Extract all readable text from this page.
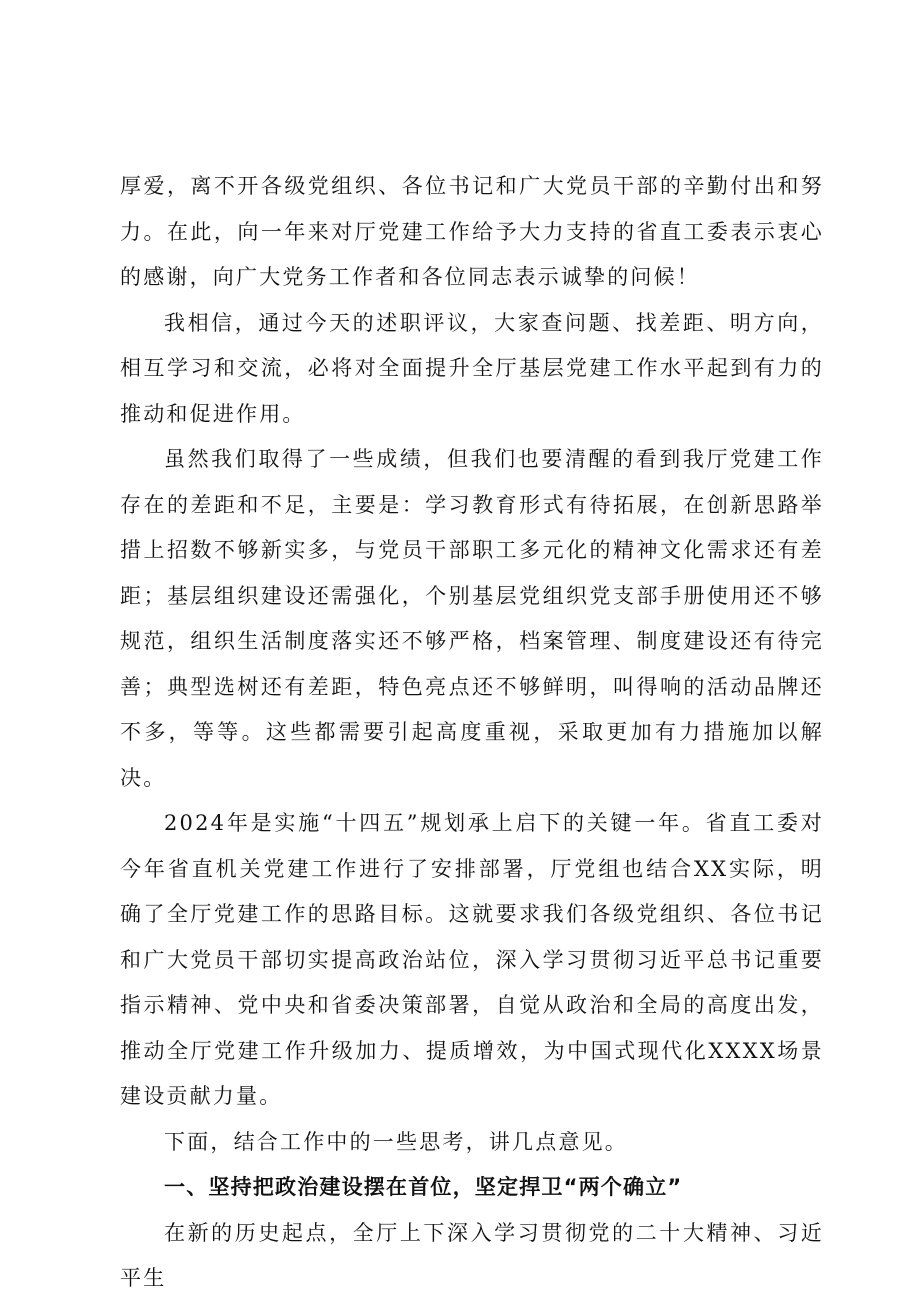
厚爱，离不开各级党组织、各位书记和广大党员干部的辛勤付出和努力。在此，向一年来对厅党建工作给予大力支持的省直工委表示衷心的感谢，向广大党务工作者和各位同志表示诚挚的问候！

我相信，通过今天的述职评议，大家查问题、找差距、明方向，相互学习和交流，必将对全面提升全厅基层党建工作水平起到有力的推动和促进作用。

虽然我们取得了一些成绩，但我们也要清醒的看到我厅党建工作存在的差距和不足，主要是：学习教育形式有待拓展，在创新思路举措上招数不够新实多，与党员干部职工多元化的精神文化需求还有差距；基层组织建设还需强化，个别基层党组织党支部手册使用还不够规范，组织生活制度落实还不够严格，档案管理、制度建设还有待完善；典型选树还有差距，特色亮点还不够鲜明，叫得响的活动品牌还不多，等等。这些都需要引起高度重视，采取更加有力措施加以解决。

2024年是实施“十四五”规划承上启下的关键一年。省直工委对今年省直机关党建工作进行了安排部署，厅党组也结合XX实际，明确了全厅党建工作的思路目标。这就要求我们各级党组织、各位书记和广大党员干部切实提高政治站位，深入学习贯彻习近平总书记重要指示精神、党中央和省委决策部署，自觉从政治和全局的高度出发，推动全厅党建工作升级加力、提质增效，为中国式现代化XXXX场景建设贡献力量。

下面，结合工作中的一些思考，讲几点意见。

一、坚持把政治建设摆在首位，坚定捍卫“两个确立”

在新的历史起点，全厅上下深入学习贯彻党的二十大精神、习近平生
